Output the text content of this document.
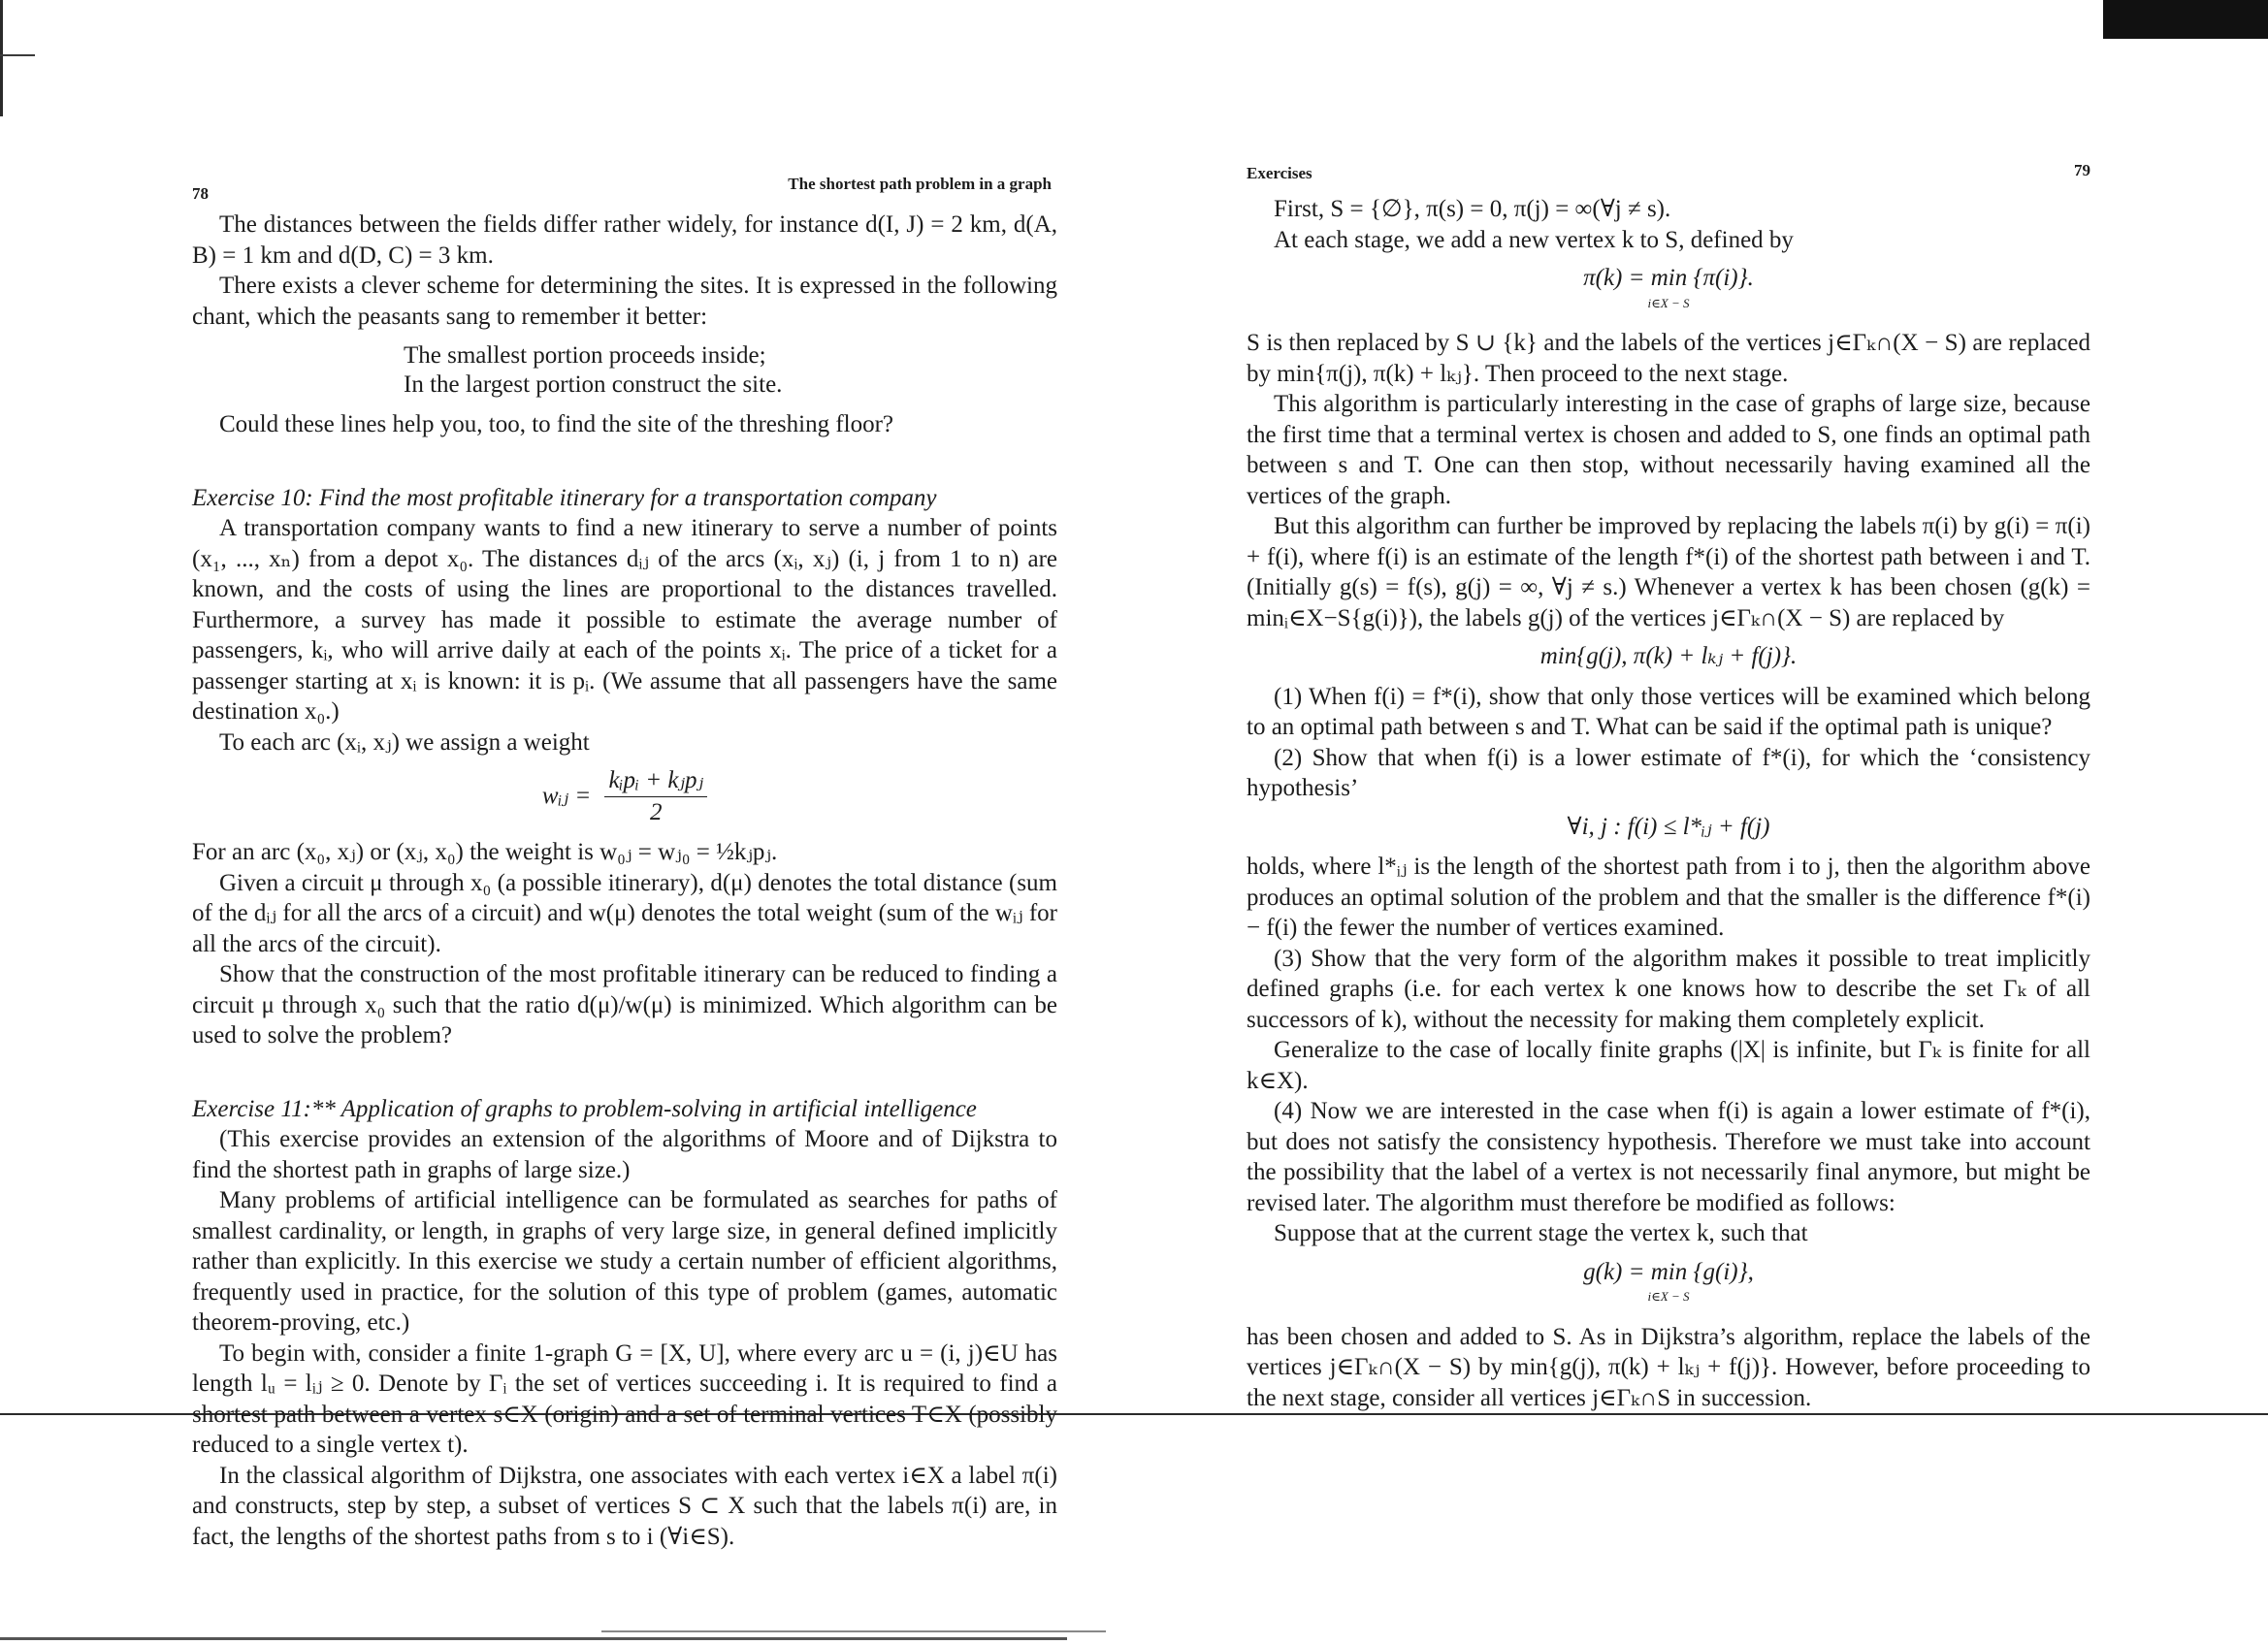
78
The shortest path problem in a graph

The distances between the fields differ rather widely, for instance d(I, J) = 2 km, d(A, B) = 1 km and d(D, C) = 3 km.

There exists a clever scheme for determining the sites. It is expressed in the following chant, which the peasants sang to remember it better:

The smallest portion proceeds inside;
In the largest portion construct the site.

Could these lines help you, too, to find the site of the threshing floor?

Exercise 10: Find the most profitable itinerary for a transportation company

A transportation company wants to find a new itinerary to serve a number of points (x₁, ..., xₙ) from a depot x₀. The distances dᵢⱼ of the arcs (xᵢ, xⱼ) (i, j from 1 to n) are known, and the costs of using the lines are proportional to the distances travelled. Furthermore, a survey has made it possible to estimate the average number of passengers, kᵢ, who will arrive daily at each of the points xᵢ. The price of a ticket for a passenger starting at xᵢ is known: it is pᵢ. (We assume that all passengers have the same destination x₀.)

To each arc (xᵢ, xⱼ) we assign a weight

wᵢⱼ = $\frac{\text{kᵢpᵢ + kⱼpⱼ}}{2}$

For an arc (x₀, xⱼ) or (xⱼ, x₀) the weight is w₀ⱼ = wⱼ₀ = ½kⱼpⱼ.

Given a circuit μ through x₀ (a possible itinerary), d(μ) denotes the total distance (sum of the dᵢⱼ for all the arcs of a circuit) and w(μ) denotes the total weight (sum of the wᵢⱼ for all the arcs of the circuit).

Show that the construction of the most profitable itinerary can be reduced to finding a circuit μ through x₀ such that the ratio d(μ)/w(μ) is minimized. Which algorithm can be used to solve the problem?

Exercise 11:** Application of graphs to problem-solving in artificial intelligence

(This exercise provides an extension of the algorithms of Moore and of Dijkstra to find the shortest path in graphs of large size.)

Many problems of artificial intelligence can be formulated as searches for paths of smallest cardinality, or length, in graphs of very large size, in general defined implicitly rather than explicitly. In this exercise we study a certain number of efficient algorithms, frequently used in practice, for the solution of this type of problem (games, automatic theorem-proving, etc.)

To begin with, consider a finite 1-graph G = [X, U], where every arc u = (i, j)∈U has length lᵤ = lᵢⱼ ≥ 0. Denote by Γᵢ the set of vertices succeeding i. It is required to find a shortest path between a vertex s∈X (origin) and a set of terminal vertices T∈X (possibly reduced to a single vertex t).

In the classical algorithm of Dijkstra, one associates with each vertex i∈X a label π(i) and constructs, step by step, a subset of vertices S ⊂ X such that the labels π(i) are, in fact, the lengths of the shortest paths from s to i (∀i∈S).

Exercises	79

First, S = {∅}, π(s) = 0, π(j) = ∞(∀j ≠ s).

At each stage, we add a new vertex k to S, defined by

π(k) = min {π(i)}.
i∈X − S

S is then replaced by S ∪ {k} and the labels of the vertices j∈Γₖ∩(X − S) are replaced by min{π(j), π(k) + lₖⱼ}. Then proceed to the next stage.

This algorithm is particularly interesting in the case of graphs of large size, because the first time that a terminal vertex is chosen and added to S, one finds an optimal path between s and T. One can then stop, without necessarily having examined all the vertices of the graph.

But this algorithm can further be improved by replacing the labels π(i) by g(i) = π(i) + f(i), where f(i) is an estimate of the length f*(i) of the shortest path between i and T. (Initially g(s) = f(s), g(j) = ∞, ∀j ≠ s.) Whenever a vertex k has been chosen (g(k) = minᵢ∈X−S{g(i)}), the labels g(j) of the vertices j∈Γₖ∩(X − S) are replaced by

min{g(j), π(k) + lₖⱼ + f(j)}.

(1) When f(i) = f*(i), show that only those vertices will be examined which belong to an optimal path between s and T. What can be said if the optimal path is unique?

(2) Show that when f(i) is a lower estimate of f*(i), for which the ‘consistency hypothesis’

∀i, j : f(i) ≤ l*ᵢⱼ + f(j)

holds, where l*ᵢⱼ is the length of the shortest path from i to j, then the algorithm above produces an optimal solution of the problem and that the smaller is the difference f*(i) − f(i) the fewer the number of vertices examined.

(3) Show that the very form of the algorithm makes it possible to treat implicitly defined graphs (i.e. for each vertex k one knows how to describe the set Γₖ of all successors of k), without the necessity for making them completely explicit.

Generalize to the case of locally finite graphs (|X| is infinite, but Γₖ is finite for all k∈X).

(4) Now we are interested in the case when f(i) is again a lower estimate of f*(i), but does not satisfy the consistency hypothesis. Therefore we must take into account the possibility that the label of a vertex is not necessarily final anymore, but might be revised later. The algorithm must therefore be modified as follows:

Suppose that at the current stage the vertex k, such that

g(k) = min {g(i)},
i∈X − S

has been chosen and added to S. As in Dijkstra’s algorithm, replace the labels of the vertices j∈Γₖ∩(X − S) by min{g(j), π(k) + lₖⱼ + f(j)}. However, before proceeding to the next stage, consider all vertices j∈Γₖ∩S in succession.
